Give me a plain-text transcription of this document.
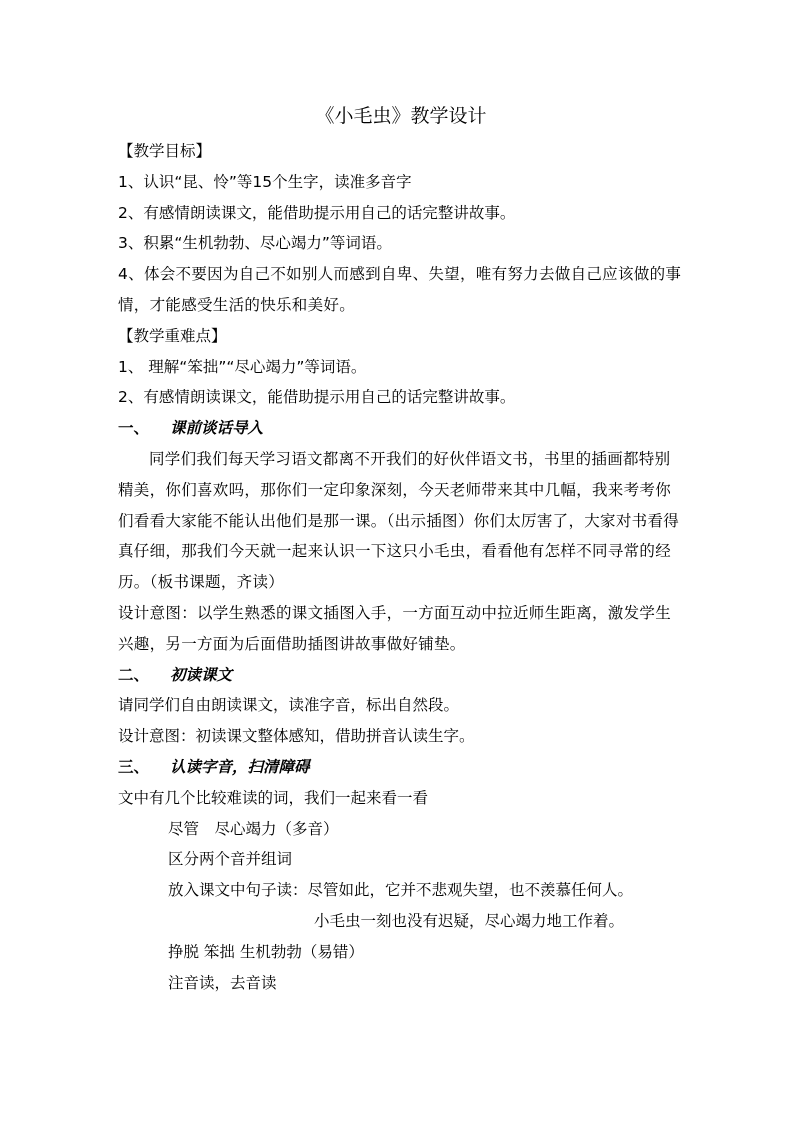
《小毛虫》教学设计

【教学目标】

1、认识“昆、怜”等15个生字，读准多音字

2、有感情朗读课文，能借助提示用自己的话完整讲故事。

3、积累“生机勃勃、尽心竭力”等词语。

4、体会不要因为自己不如别人而感到自卑、失望，唯有努力去做自己应该做的事情，才能感受生活的快乐和美好。

【教学重难点】

1、 理解“笨拙”“尽心竭力”等词语。

2、有感情朗读课文，能借助提示用自己的话完整讲故事。

一、 课前谈话导入

同学们我们每天学习语文都离不开我们的好伙伴语文书，书里的插画都特别精美，你们喜欢吗，那你们一定印象深刻，今天老师带来其中几幅，我来考考你们看看大家能不能认出他们是那一课。（出示插图）你们太厉害了，大家对书看得真仔细，那我们今天就一起来认识一下这只小毛虫，看看他有怎样不同寻常的经历。（板书课题，齐读）

设计意图：以学生熟悉的课文插图入手，一方面互动中拉近师生距离，激发学生兴趣，另一方面为后面借助插图讲故事做好铺垫。

二、 初读课文

请同学们自由朗读课文，读准字音，标出自然段。

设计意图：初读课文整体感知，借助拼音认读生字。

三、 认读字音，扫清障碍

文中有几个比较难读的词，我们一起来看一看

尽管　尽心竭力（多音）

区分两个音并组词

放入课文中句子读：尽管如此，它并不悲观失望，也不羡慕任何人。

小毛虫一刻也没有迟疑，尽心竭力地工作着。

挣脱 笨拙 生机勃勃（易错）

注音读，去音读
